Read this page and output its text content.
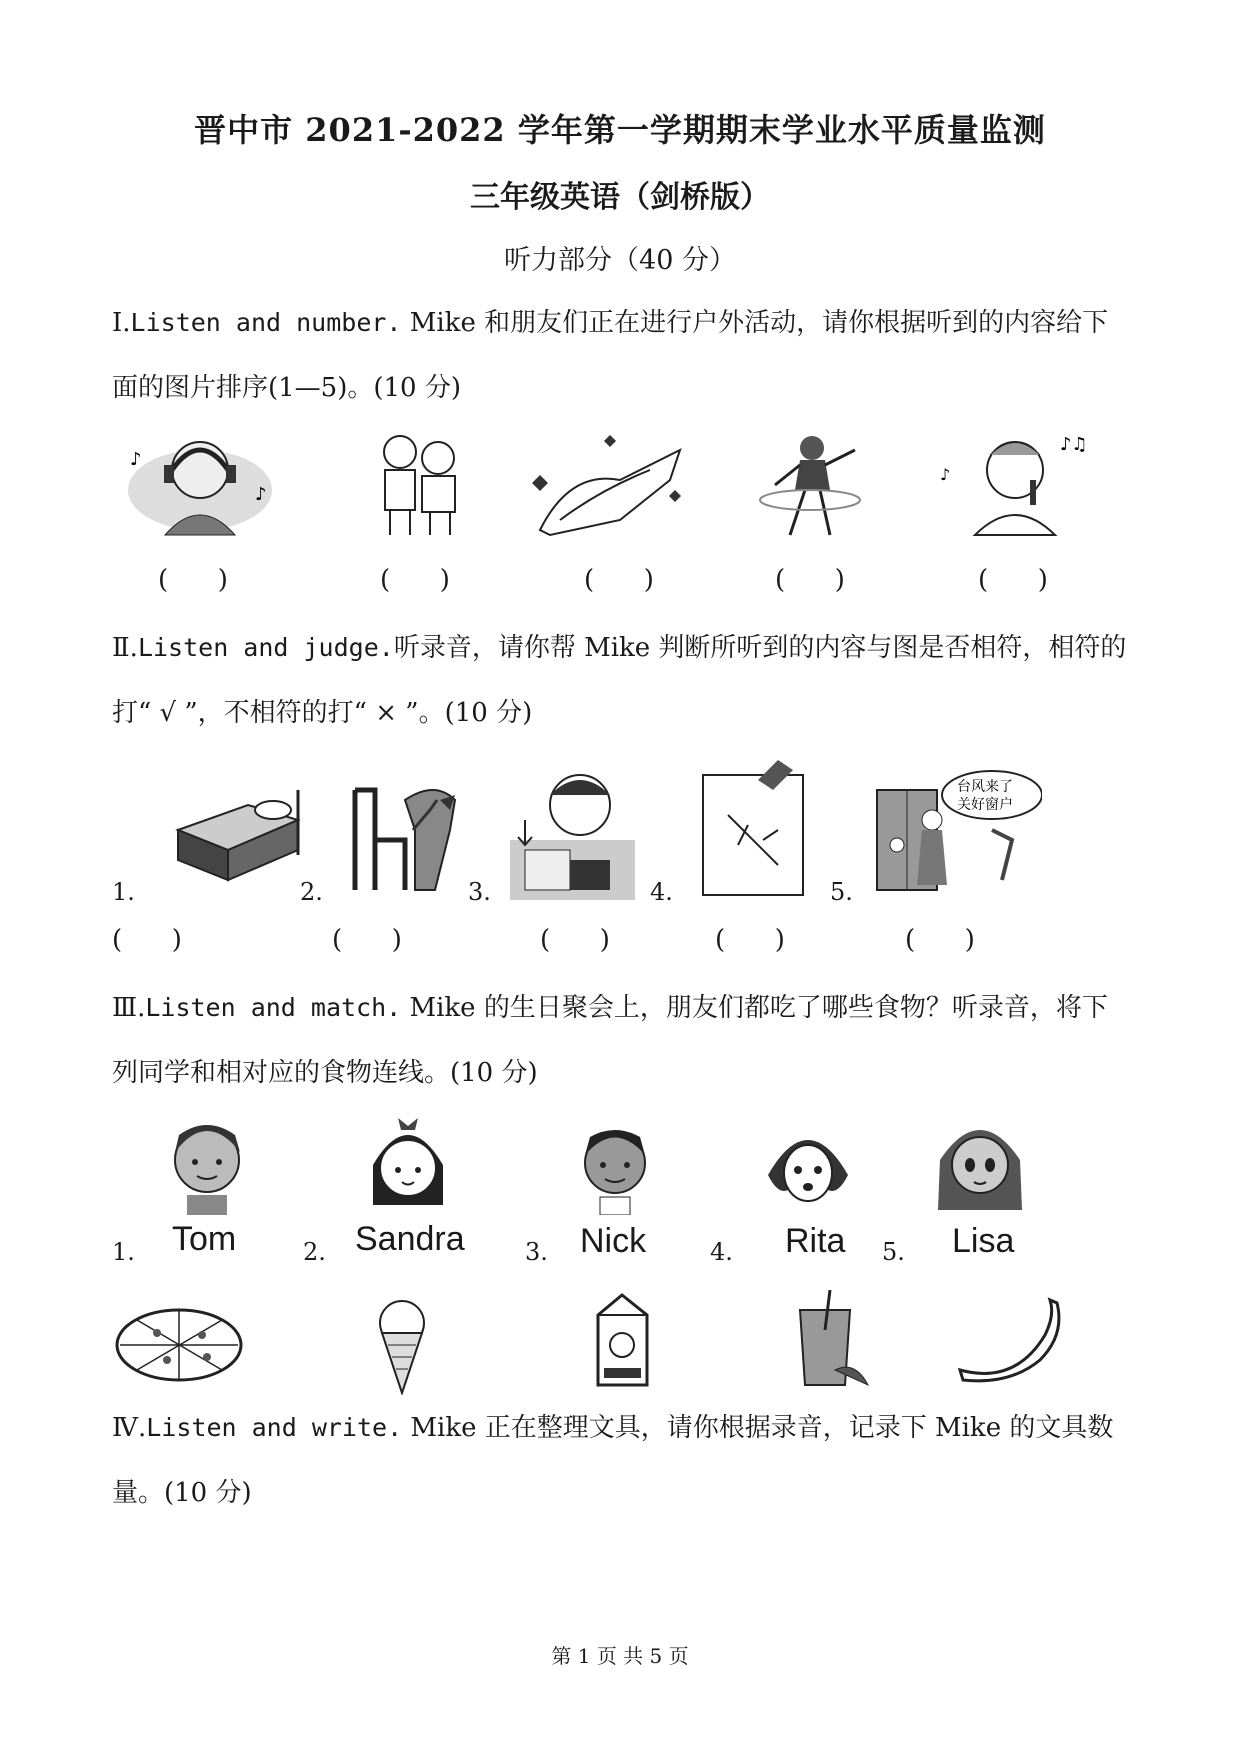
晋中市 2021-2022 学年第一学期期末学业水平质量监测
三年级英语（剑桥版）
听力部分（40 分）
Ⅰ.Listen and number. Mike 和朋友们正在进行户外活动，请你根据听到的内容给下面的图片排序(1—5)。(10 分)
♪
♪
♪♫
♪
(      )	(      )	(      )	(      )	(      )
Ⅱ.Listen and judge.听录音，请你帮 Mike 判断所听到的内容与图是否相符，相符的打“ √ ”，不相符的打“ × ”。(10 分)
1.	2.	3.	4.	5.
台风来了
关好窗户
(      )	(      )	(      )	(      )	(      )
Ⅲ.Listen and match. Mike 的生日聚会上，朋友们都吃了哪些食物？听录音，将下列同学和相对应的食物连线。(10 分)
1. Tom	2. Sandra	3. Nick	4. Rita 5. Lisa
Ⅳ.Listen and write. Mike 正在整理文具，请你根据录音，记录下 Mike 的文具数量。(10 分)
第 1 页 共 5 页
